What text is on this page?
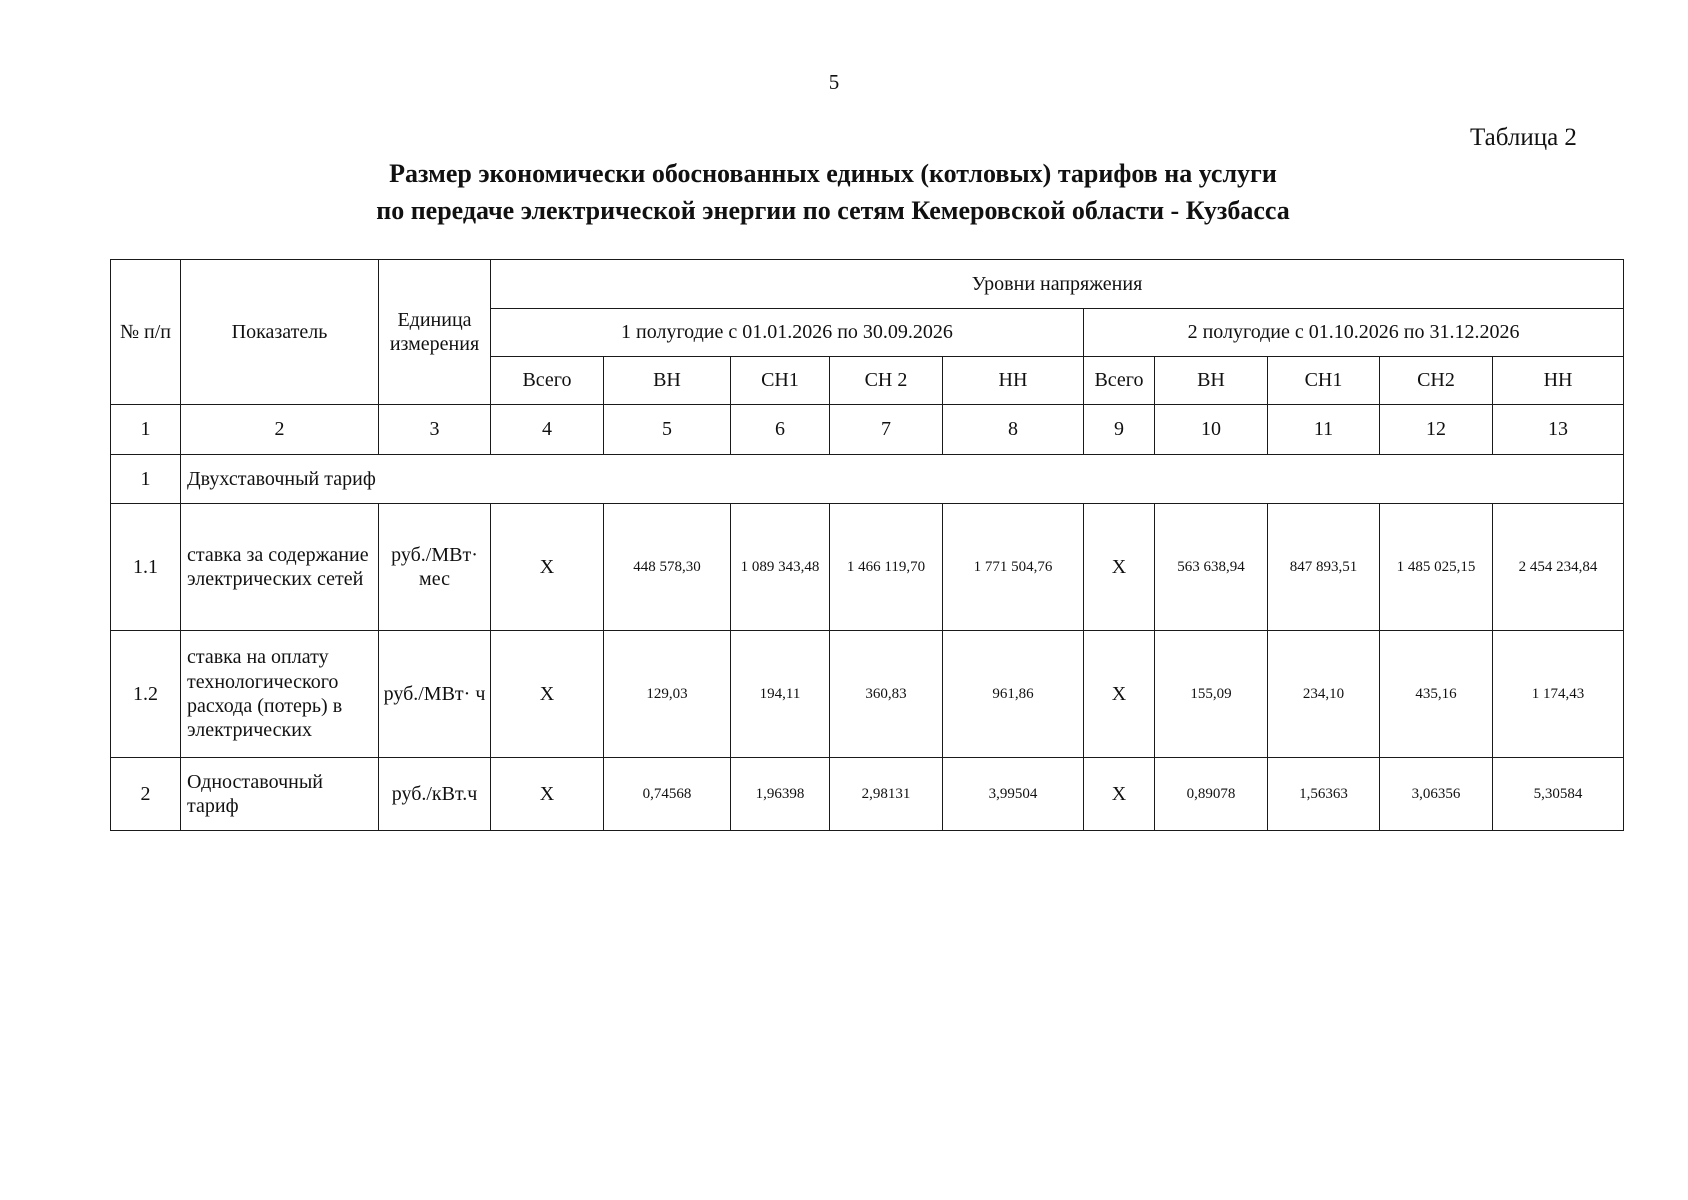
5
Таблица 2
Размер экономически обоснованных единых (котловых) тарифов на услуги
по передаче электрической энергии по сетям Кемеровской области - Кузбасса
№ п/п	Показатель	Единица измерения	Уровни напряжения									
			1 полугодие с 01.01.2026 по 30.09.2026					2 полугодие с 01.10.2026 по 31.12.2026				
			Всего	ВН	СН1	СН 2	НН	Всего	ВН	СН1	СН2	НН
1	2	3	4	5	6	7	8	9	10	11	12	13
1	Двухставочный тариф											
1.1	ставка за содержание электрических сетей	руб./МВт· мес	Х	448 578,30	1 089 343,48	1 466 119,70	1 771 504,76	Х	563 638,94	847 893,51	1 485 025,15	2 454 234,84
1.2	ставка на оплату технологического расхода (потерь) в электрических	руб./МВт· ч	Х	129,03	194,11	360,83	961,86	Х	155,09	234,10	435,16	1 174,43
2	Одноставочный тариф	руб./кВт.ч	Х	0,74568	1,96398	2,98131	3,99504	Х	0,89078	1,56363	3,06356	5,30584
